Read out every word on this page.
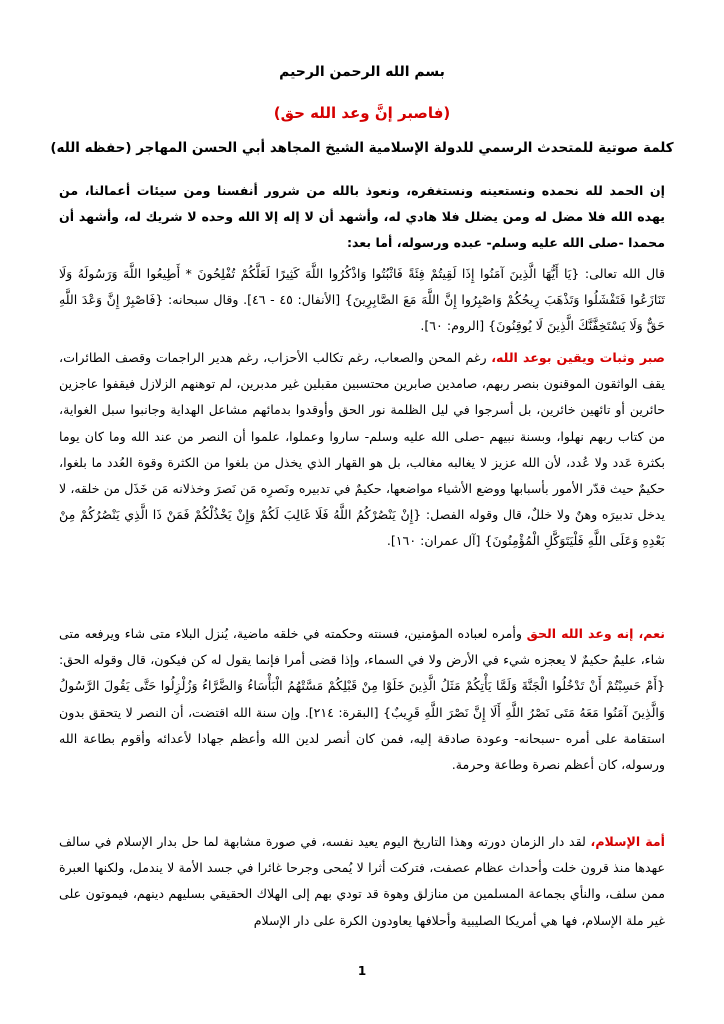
بسم الله الرحمن الرحيم
(فاصبر إنَّ وعد الله حق)
كلمة صوتية للمتحدث الرسمي للدولة الإسلامية الشيخ المجاهد أبي الحسن المهاجر (حفظه الله)
إن الحمد لله نحمده ونستعينه ونستغفره، ونعوذ بالله من شرور أنفسنا ومن سيئات أعمالنا، من يهده الله فلا مضل له ومن يضلل فلا هادي له، وأشهد أن لا إله إلا الله وحده لا شريك له، وأشهد أن محمدا -صلى الله عليه وسلم- عبده ورسوله، أما بعد:
قال الله تعالى: {يَا أَيُّهَا الَّذِينَ آمَنُوا إِذَا لَقِيتُمْ فِئَةً فَاثْبُتُوا وَاذْكُرُوا اللَّهَ كَثِيرًا لَعَلَّكُمْ تُفْلِحُونَ * أَطِيعُوا اللَّهَ وَرَسُولَهُ وَلَا تَنَازَعُوا فَتَفْشَلُوا وَتَذْهَبَ رِيحُكُمْ وَاصْبِرُوا إِنَّ اللَّهَ مَعَ الصَّابِرِينَ} [الأنفال: ٤٥ - ٤٦]. وقال سبحانه: {فَاصْبِرْ إِنَّ وَعْدَ اللَّهِ حَقٌّ وَلَا يَسْتَخِفَّنَّكَ الَّذِينَ لَا يُوقِنُونَ} [الروم: ٦٠].
صبر وثبات ويقين بوعد الله، رغم المحن والصعاب، رغم تكالب الأحزاب، رغم هدير الراجمات وقصف الطائرات، يقف الواثقون الموقنون بنصر ربهم، صامدين صابرين محتسبين مقبلين غير مدبرين، لم توهنهم الزلازل فيقفوا عاجزين حائرين أو تائهين خائرين، بل أسرجوا في ليل الظلمة نور الحق وأوقدوا بدمائهم مشاعل الهداية وجانبوا سبل الغواية، من كتاب ربهم نهلوا، وبسنة نبيهم -صلى الله عليه وسلم- ساروا وعملوا، علموا أن النصر من عند الله وما كان يوما بكثرة عَدد ولا عُدد، لأن الله عزيز لا يغالبه مغالب، بل هو القهار الذي يخذل من بلغوا من الكثرة وقوة العُدد ما بلغوا، حكيمٌ حيث قدّر الأمور بأسبابها ووضع الأشياء مواضعها، حكيمٌ في تدبيره ونَصرِه مَن نَصرَ وخذلانه مَن خَذَل من خلقه، لا يدخل تدبيرَه وهنٌ ولا خللٌ، قال وقوله الفصل: {إِنْ يَنْصُرْكُمُ اللَّهُ فَلَا غَالِبَ لَكُمْ وَإِنْ يَخْذُلْكُمْ فَمَنْ ذَا الَّذِي يَنْصُرُكُمْ مِنْ بَعْدِهِ وَعَلَى اللَّهِ فَلْيَتَوَكَّلِ الْمُؤْمِنُونَ} [آل عمران: ١٦٠].
نعم، إنه وعد الله الحق وأمره لعباده المؤمنين، فسنته وحكمته في خلقه ماضية، يُنزل البلاء متى شاء ويرفعه متى شاء، عليمٌ حكيمٌ لا يعجزه شيء في الأرض ولا في السماء، وإذا قضى أمرا فإنما يقول له كن فيكون، قال وقوله الحق: {أَمْ حَسِبْتُمْ أَنْ تَدْخُلُوا الْجَنَّةَ وَلَمَّا يَأْتِكُمْ مَثَلُ الَّذِينَ خَلَوْا مِنْ قَبْلِكُمْ مَسَّتْهُمُ الْبَأْسَاءُ وَالضَّرَّاءُ وَزُلْزِلُوا حَتَّى يَقُولَ الرَّسُولُ وَالَّذِينَ آمَنُوا مَعَهُ مَتَى نَصْرُ اللَّهِ أَلَا إِنَّ نَصْرَ اللَّهِ قَرِيبٌ} [البقرة: ٢١٤]. وإن سنة الله اقتضت، أن النصر لا يتحقق بدون استقامة على أمره -سبحانه- وعودة صادقة إليه، فمن كان أنصر لدين الله وأعظم جهادا لأعدائه وأقوم بطاعة الله ورسوله، كان أعظم نصرة وطاعة وحرمة.
أمة الإسلام، لقد دار الزمان دورته وهذا التاريخ اليوم يعيد نفسه، في صورة مشابهة لما حل بدار الإسلام في سالف عهدها منذ قرون خلت وأحداث عظام عصفت، فتركت أثرا لا يُمحى وجرحا غائرا في جسد الأمة لا يندمل، ولكنها العبرة ممن سلف، والنأي بجماعة المسلمين من منازلق وهوة قد تودي بهم إلى الهلاك الحقيقي بسليهم دينهم، فيموتون على غير ملة الإسلام، فها هي أمريكا الصليبية وأحلافها يعاودون الكرة على دار الإسلام
1
